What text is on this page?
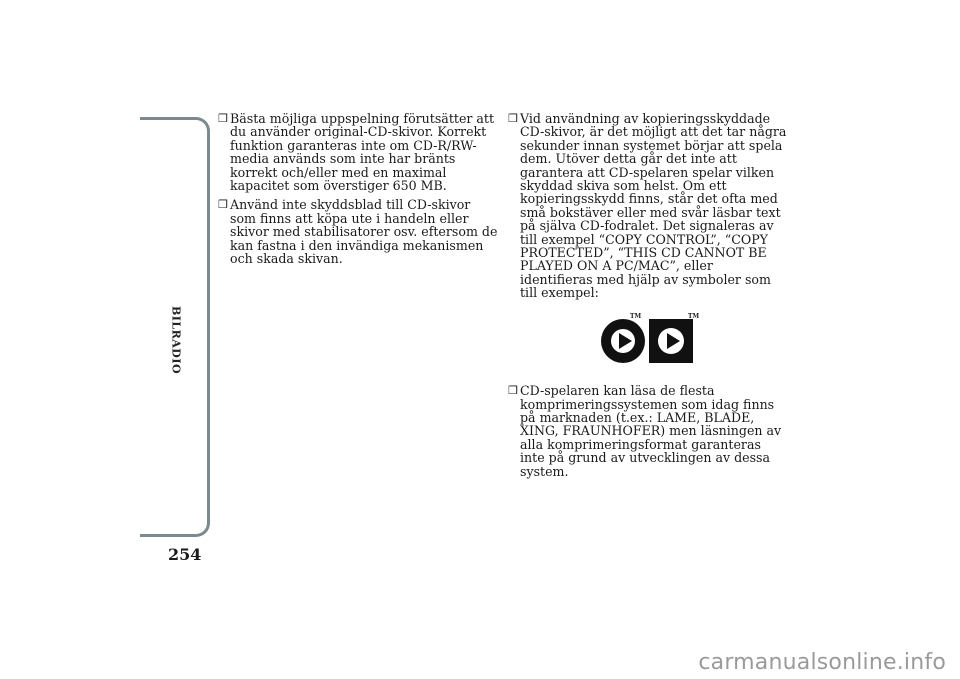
BILRADIO
254
❒ Bästa möjliga uppspelning förutsätter att du använder original-CD-skivor. Korrekt funktion garanteras inte om CD-R/RW-media används som inte har bränts korrekt och/eller med en maximal kapacitet som överstiger 650 MB.
❒ Använd inte skyddsblad till CD-skivor som finns att köpa ute i handeln eller skivor med stabilisatorer osv. eftersom de kan fastna i den invändiga mekanismen och skada skivan.
❒ Vid användning av kopieringsskyddade CD-skivor, är det möjligt att det tar några sekunder innan systemet börjar att spela dem. Utöver detta går det inte att garantera att CD-spelaren spelar vilken skyddad skiva som helst. Om ett kopieringsskydd finns, står det ofta med små bokstäver eller med svår läsbar text på själva CD-fodralet. Det signaleras av till exempel “COPY CONTROL”, “COPY PROTECTED”, “THIS CD CANNOT BE PLAYED ON A PC/MAC”, eller identifieras med hjälp av symboler som till exempel:
TM	TM
❒ CD-spelaren kan läsa de flesta komprimeringssystemen som idag finns på marknaden (t.ex.: LAME, BLADE, XING, FRAUNHOFER) men läsningen av alla komprimeringsformat garanteras inte på grund av utvecklingen av dessa system.
carmanualsonline.info
